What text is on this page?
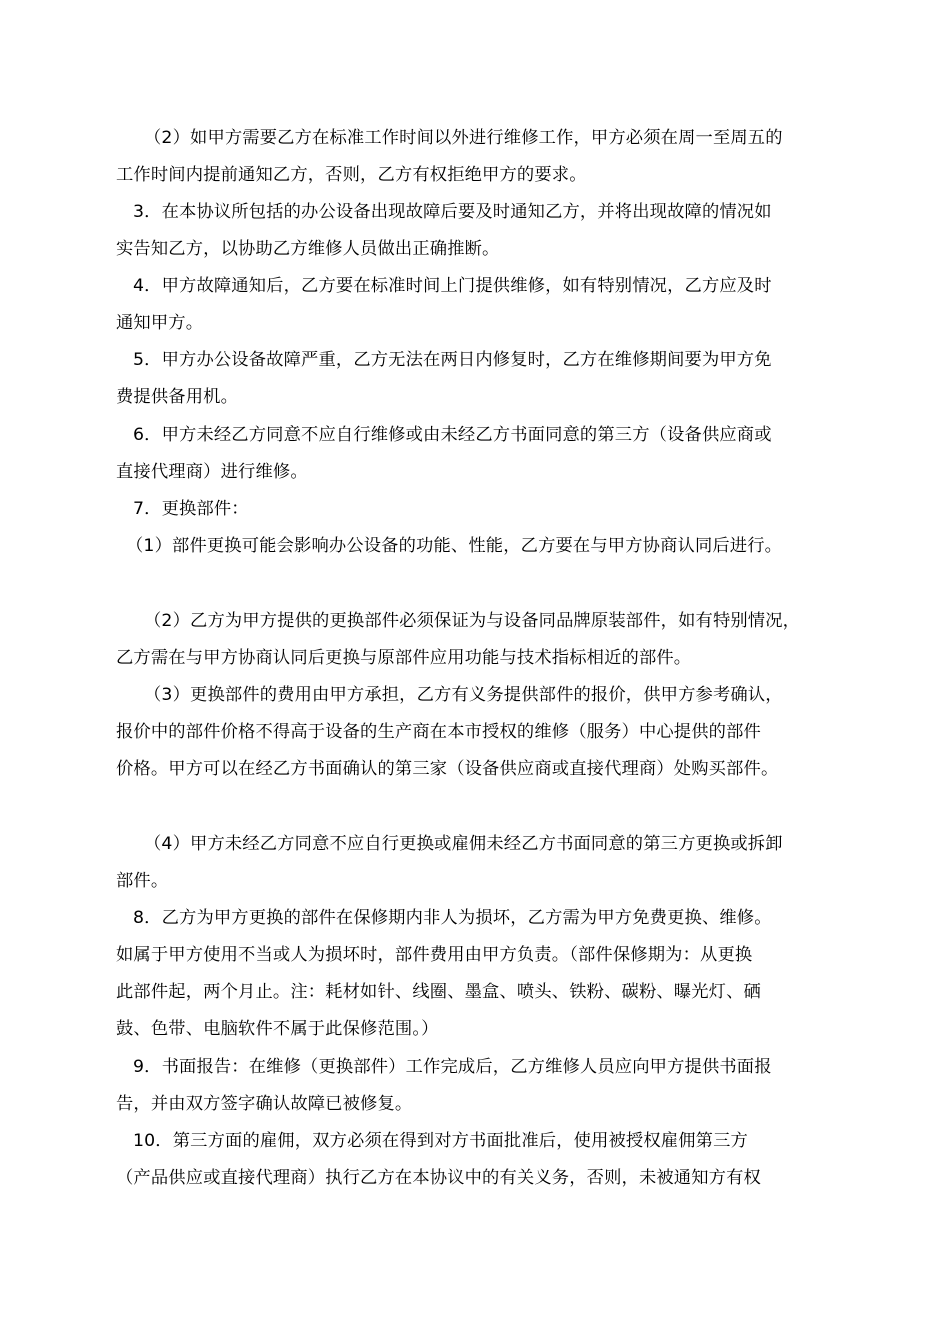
（2）如甲方需要乙方在标准工作时间以外进行维修工作，甲方必须在周一至周五的
工作时间内提前通知乙方，否则，乙方有权拒绝甲方的要求。
3．在本协议所包括的办公设备出现故障后要及时通知乙方，并将出现故障的情况如
实告知乙方，以协助乙方维修人员做出正确推断。
4．甲方故障通知后，乙方要在标准时间上门提供维修，如有特别情况，乙方应及时
通知甲方。
5．甲方办公设备故障严重，乙方无法在两日内修复时，乙方在维修期间要为甲方免
费提供备用机。
6．甲方未经乙方同意不应自行维修或由未经乙方书面同意的第三方（设备供应商或
直接代理商）进行维修。
7．更换部件：
（1）部件更换可能会影响办公设备的功能、性能，乙方要在与甲方协商认同后进行。
（2）乙方为甲方提供的更换部件必须保证为与设备同品牌原装部件，如有特别情况，
乙方需在与甲方协商认同后更换与原部件应用功能与技术指标相近的部件。
（3）更换部件的费用由甲方承担，乙方有义务提供部件的报价，供甲方参考确认，
报价中的部件价格不得高于设备的生产商在本市授权的维修（服务）中心提供的部件
价格。甲方可以在经乙方书面确认的第三家（设备供应商或直接代理商）处购买部件。
（4）甲方未经乙方同意不应自行更换或雇佣未经乙方书面同意的第三方更换或拆卸
部件。
8．乙方为甲方更换的部件在保修期内非人为损坏，乙方需为甲方免费更换、维修。
如属于甲方使用不当或人为损坏时，部件费用由甲方负责。（部件保修期为：从更换
此部件起，两个月止。注：耗材如针、线圈、墨盒、喷头、铁粉、碳粉、曝光灯、硒
鼓、色带、电脑软件不属于此保修范围。）
9．书面报告：在维修（更换部件）工作完成后，乙方维修人员应向甲方提供书面报
告，并由双方签字确认故障已被修复。
10．第三方面的雇佣，双方必须在得到对方书面批准后，使用被授权雇佣第三方
（产品供应或直接代理商）执行乙方在本协议中的有关义务，否则，未被通知方有权
